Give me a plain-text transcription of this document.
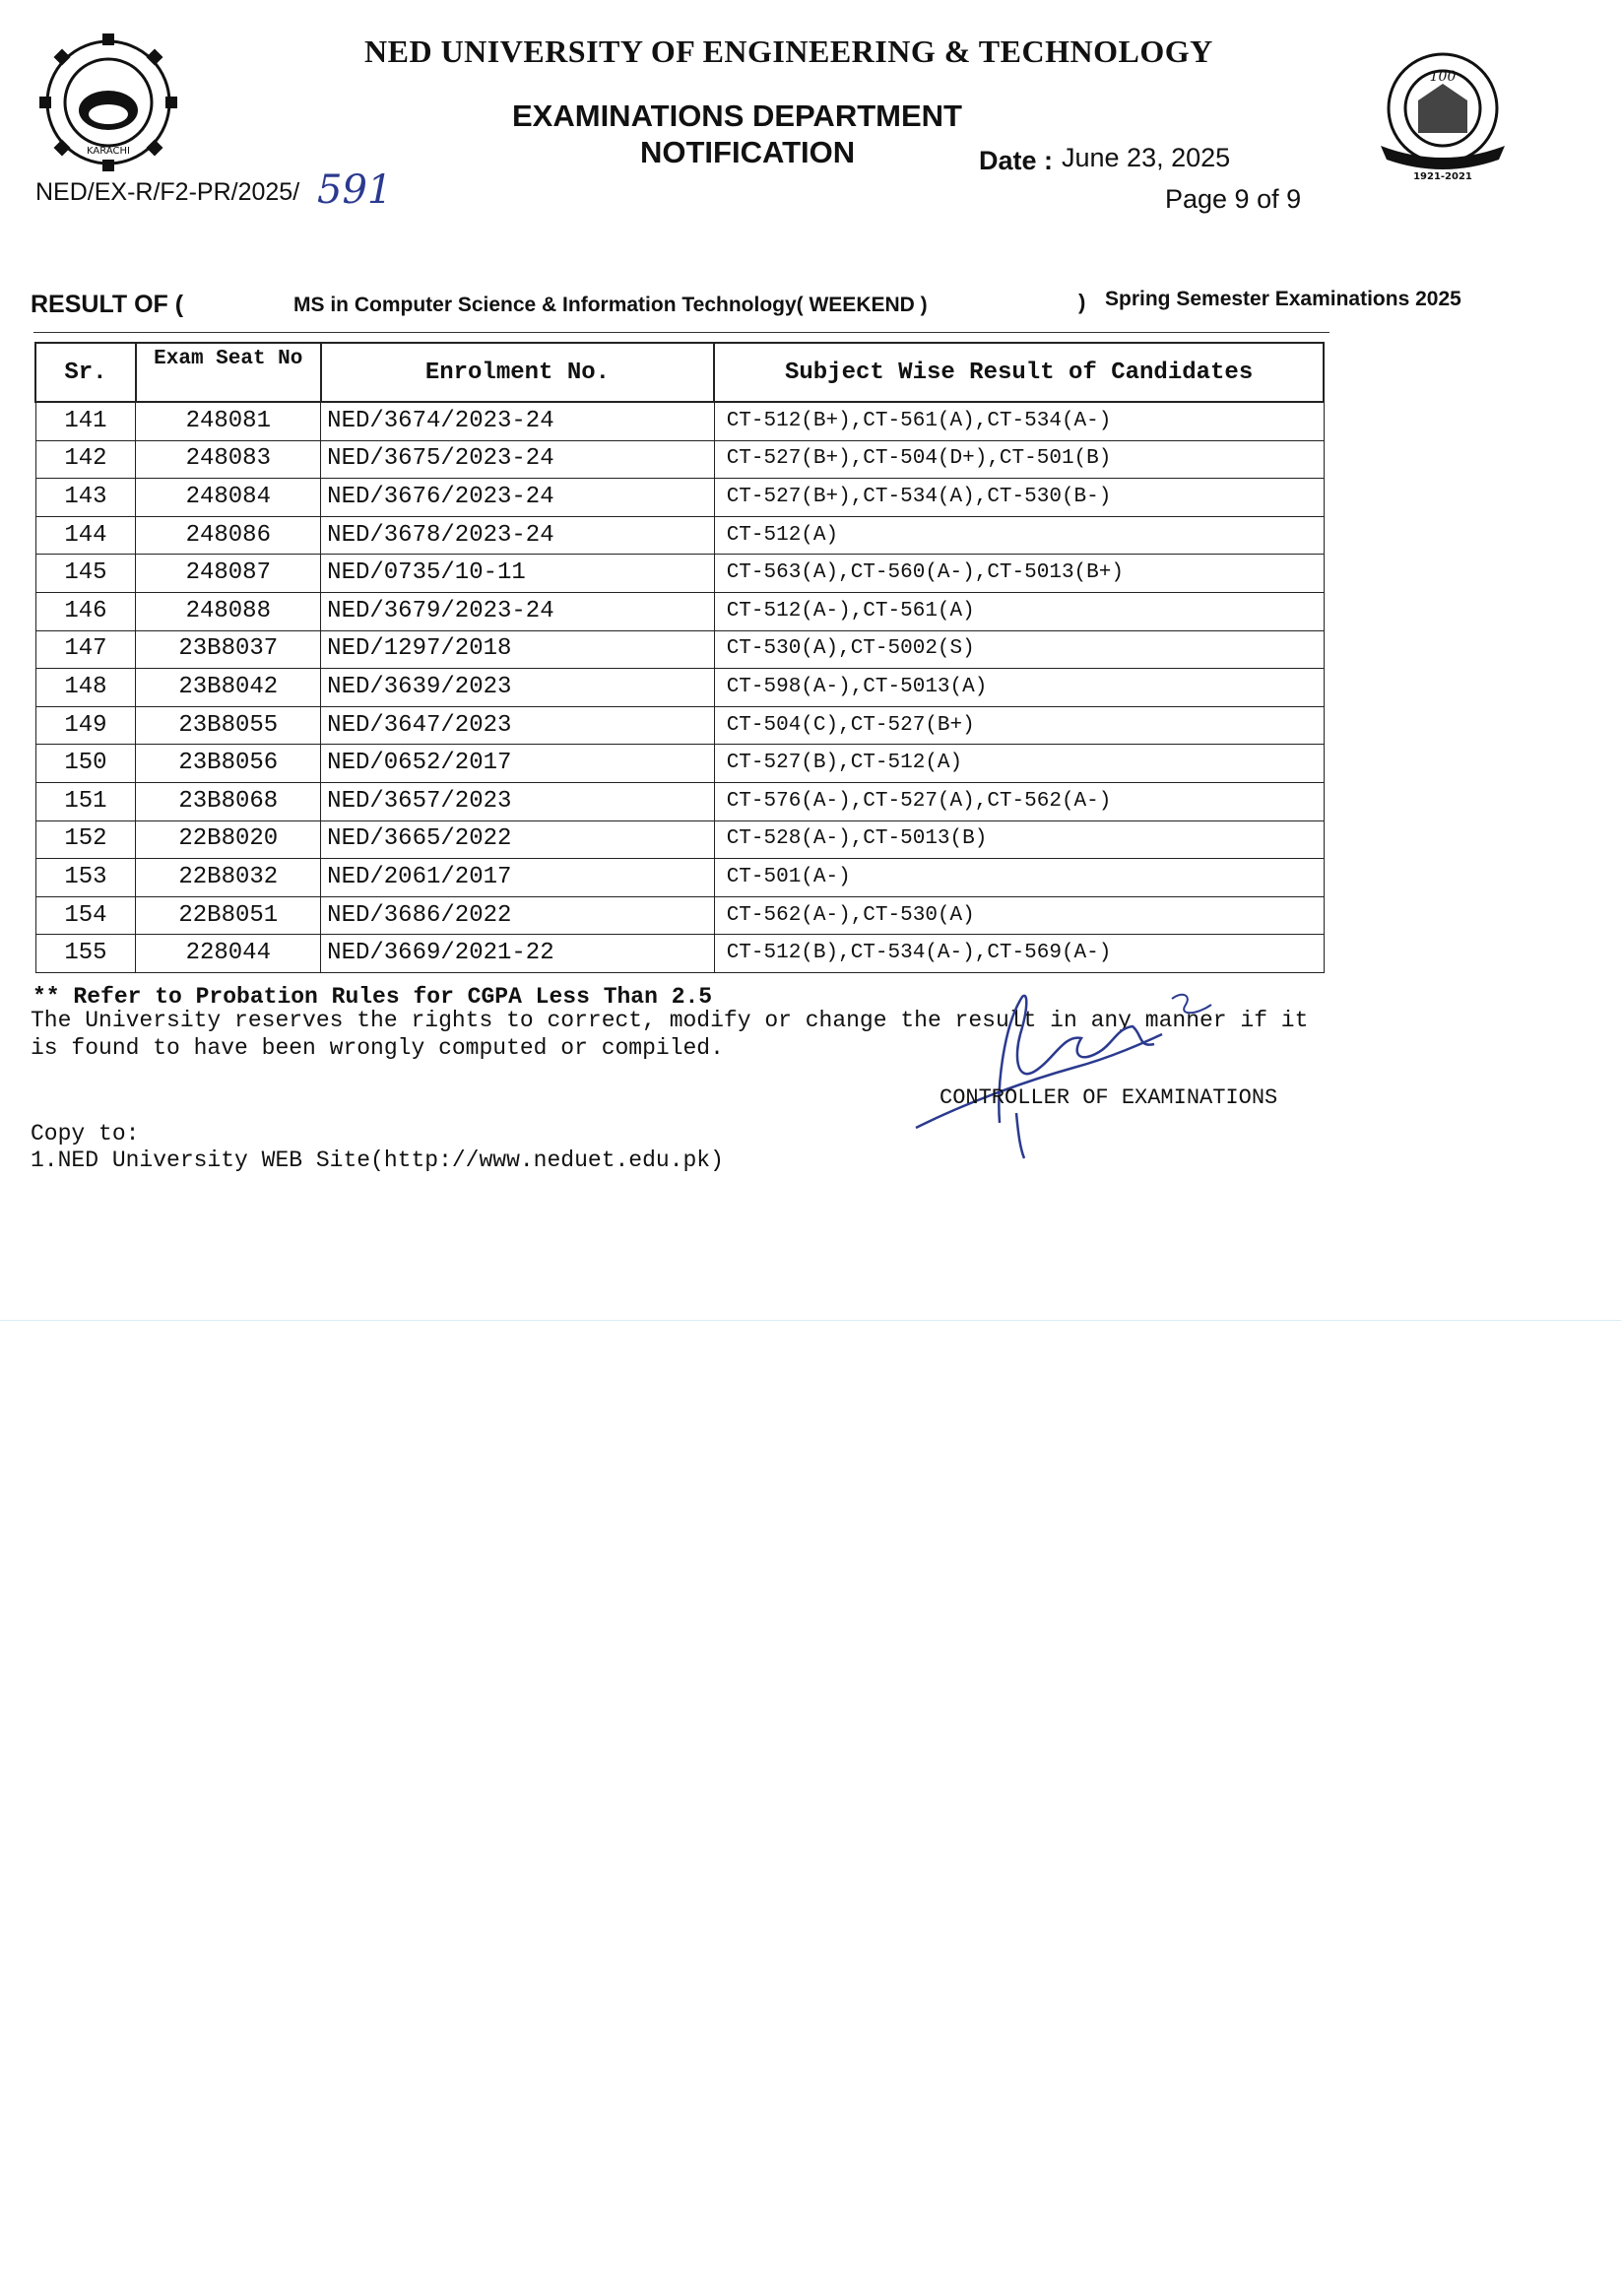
KARACHI
100
1921-2021
NED UNIVERSITY OF ENGINEERING & TECHNOLOGY
EXAMINATIONS DEPARTMENT
NOTIFICATION	Date : June 23, 2025
NED/EX-R/F2-PR/2025/ 591	Page 9 of 9
RESULT OF (	MS in Computer Science & Information Technology( WEEKEND )	) Spring Semester Examinations 2025
Sr.	Exam Seat No	Enrolment No.	Subject Wise Result of Candidates
141	248081	NED/3674/2023-24	CT-512(B+),CT-561(A),CT-534(A-)
142	248083	NED/3675/2023-24	CT-527(B+),CT-504(D+),CT-501(B)
143	248084	NED/3676/2023-24	CT-527(B+),CT-534(A),CT-530(B-)
144	248086	NED/3678/2023-24	CT-512(A)
145	248087	NED/0735/10-11	CT-563(A),CT-560(A-),CT-5013(B+)
146	248088	NED/3679/2023-24	CT-512(A-),CT-561(A)
147	23B8037	NED/1297/2018	CT-530(A),CT-5002(S)
148	23B8042	NED/3639/2023	CT-598(A-),CT-5013(A)
149	23B8055	NED/3647/2023	CT-504(C),CT-527(B+)
150	23B8056	NED/0652/2017	CT-527(B),CT-512(A)
151	23B8068	NED/3657/2023	CT-576(A-),CT-527(A),CT-562(A-)
152	22B8020	NED/3665/2022	CT-528(A-),CT-5013(B)
153	22B8032	NED/2061/2017	CT-501(A-)
154	22B8051	NED/3686/2022	CT-562(A-),CT-530(A)
155	228044	NED/3669/2021-22	CT-512(B),CT-534(A-),CT-569(A-)
** Refer to Probation Rules for CGPA Less Than 2.5
The University reserves the rights to correct, modify or change the result in any manner if it
is found to have been wrongly computed or compiled.
CONTROLLER OF EXAMINATIONS
Copy to:
1.NED University WEB Site(http://www.neduet.edu.pk)
